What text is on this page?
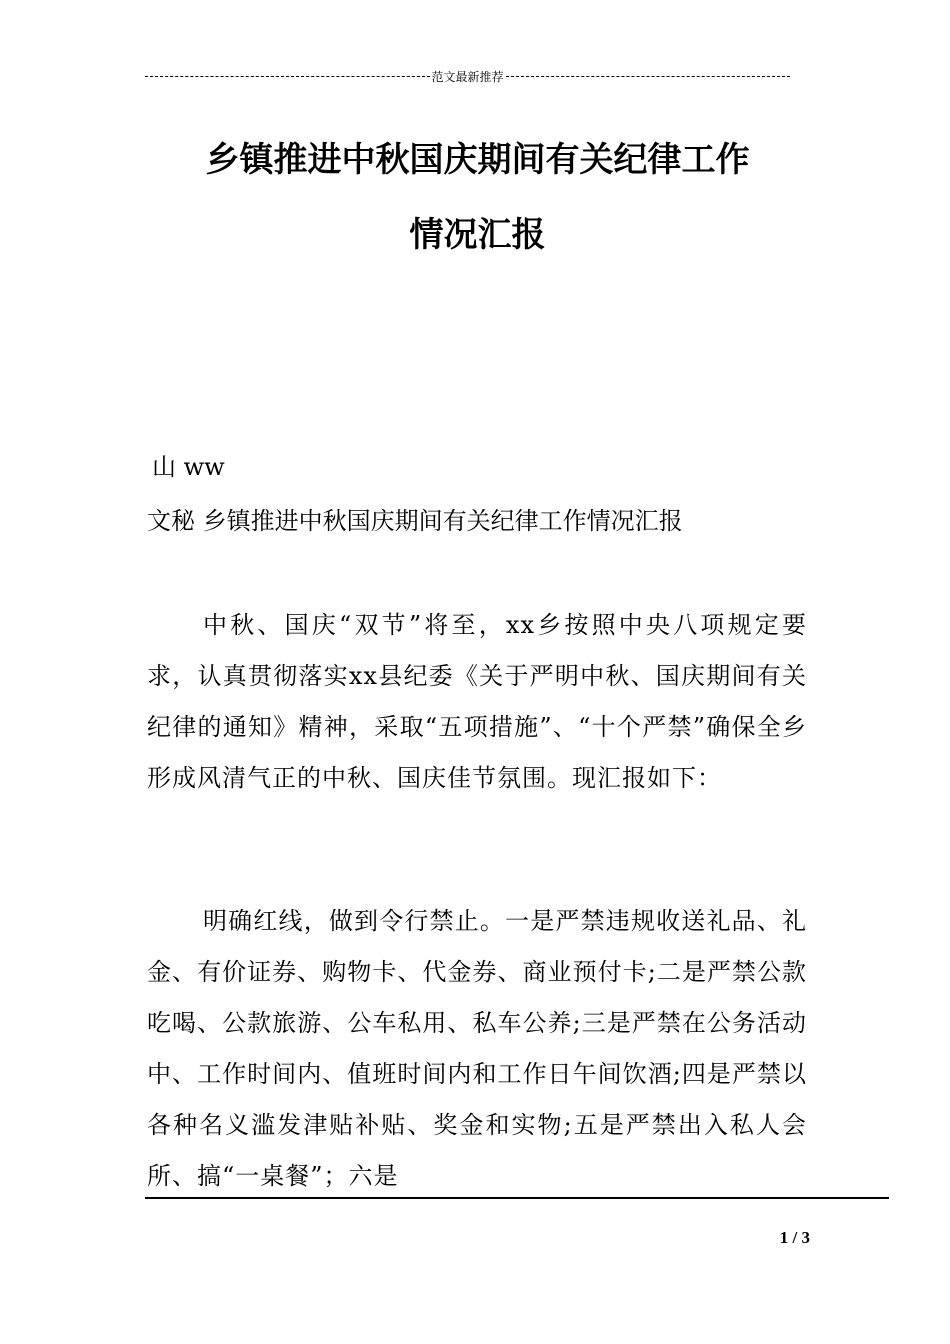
范文最新推荐
乡镇推进中秋国庆期间有关纪律工作
情况汇报

山 ww

文秘 乡镇推进中秋国庆期间有关纪律工作情况汇报

中秋、国庆“双节”将至，xx乡按照中央八项规定要求，认真贯彻落实xx县纪委《关于严明中秋、国庆期间有关纪律的通知》精神，采取“五项措施”、“十个严禁”确保全乡形成风清气正的中秋、国庆佳节氛围。现汇报如下：

明确红线，做到令行禁止。一是严禁违规收送礼品、礼金、有价证券、购物卡、代金券、商业预付卡;二是严禁公款吃喝、公款旅游、公车私用、私车公养;三是严禁在公务活动中、工作时间内、值班时间内和工作日午间饮酒;四是严禁以各种名义滥发津贴补贴、奖金和实物;五是严禁出入私人会所、搞“一桌餐”；六是

1 / 3
